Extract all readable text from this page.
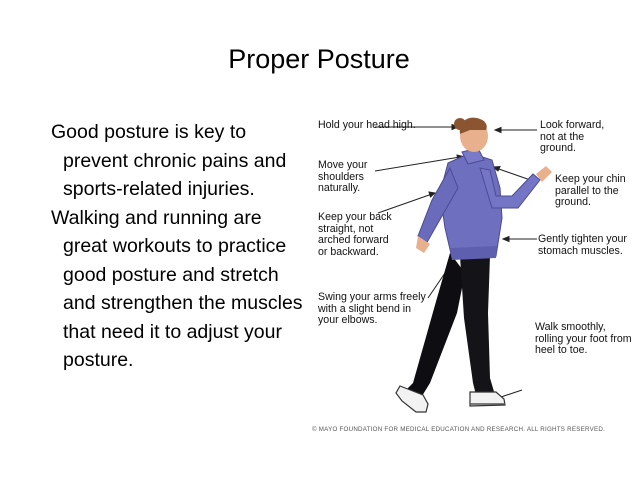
Proper Posture

Good posture is key to prevent chronic pains and sports-related injuries.

Walking and running are great workouts to practice good posture and stretch and strengthen the muscles that need it to adjust your posture.

Hold your head high.
Move your shoulders naturally.
Keep your back straight, not arched forward or backward.
Swing your arms freely with a slight bend in your elbows.
Look forward, not at the ground.
Keep your chin parallel to the ground.
Gently tighten your stomach muscles.
Walk smoothly, rolling your foot from heel to toe.
© MAYO FOUNDATION FOR MEDICAL EDUCATION AND RESEARCH. ALL RIGHTS RESERVED.
